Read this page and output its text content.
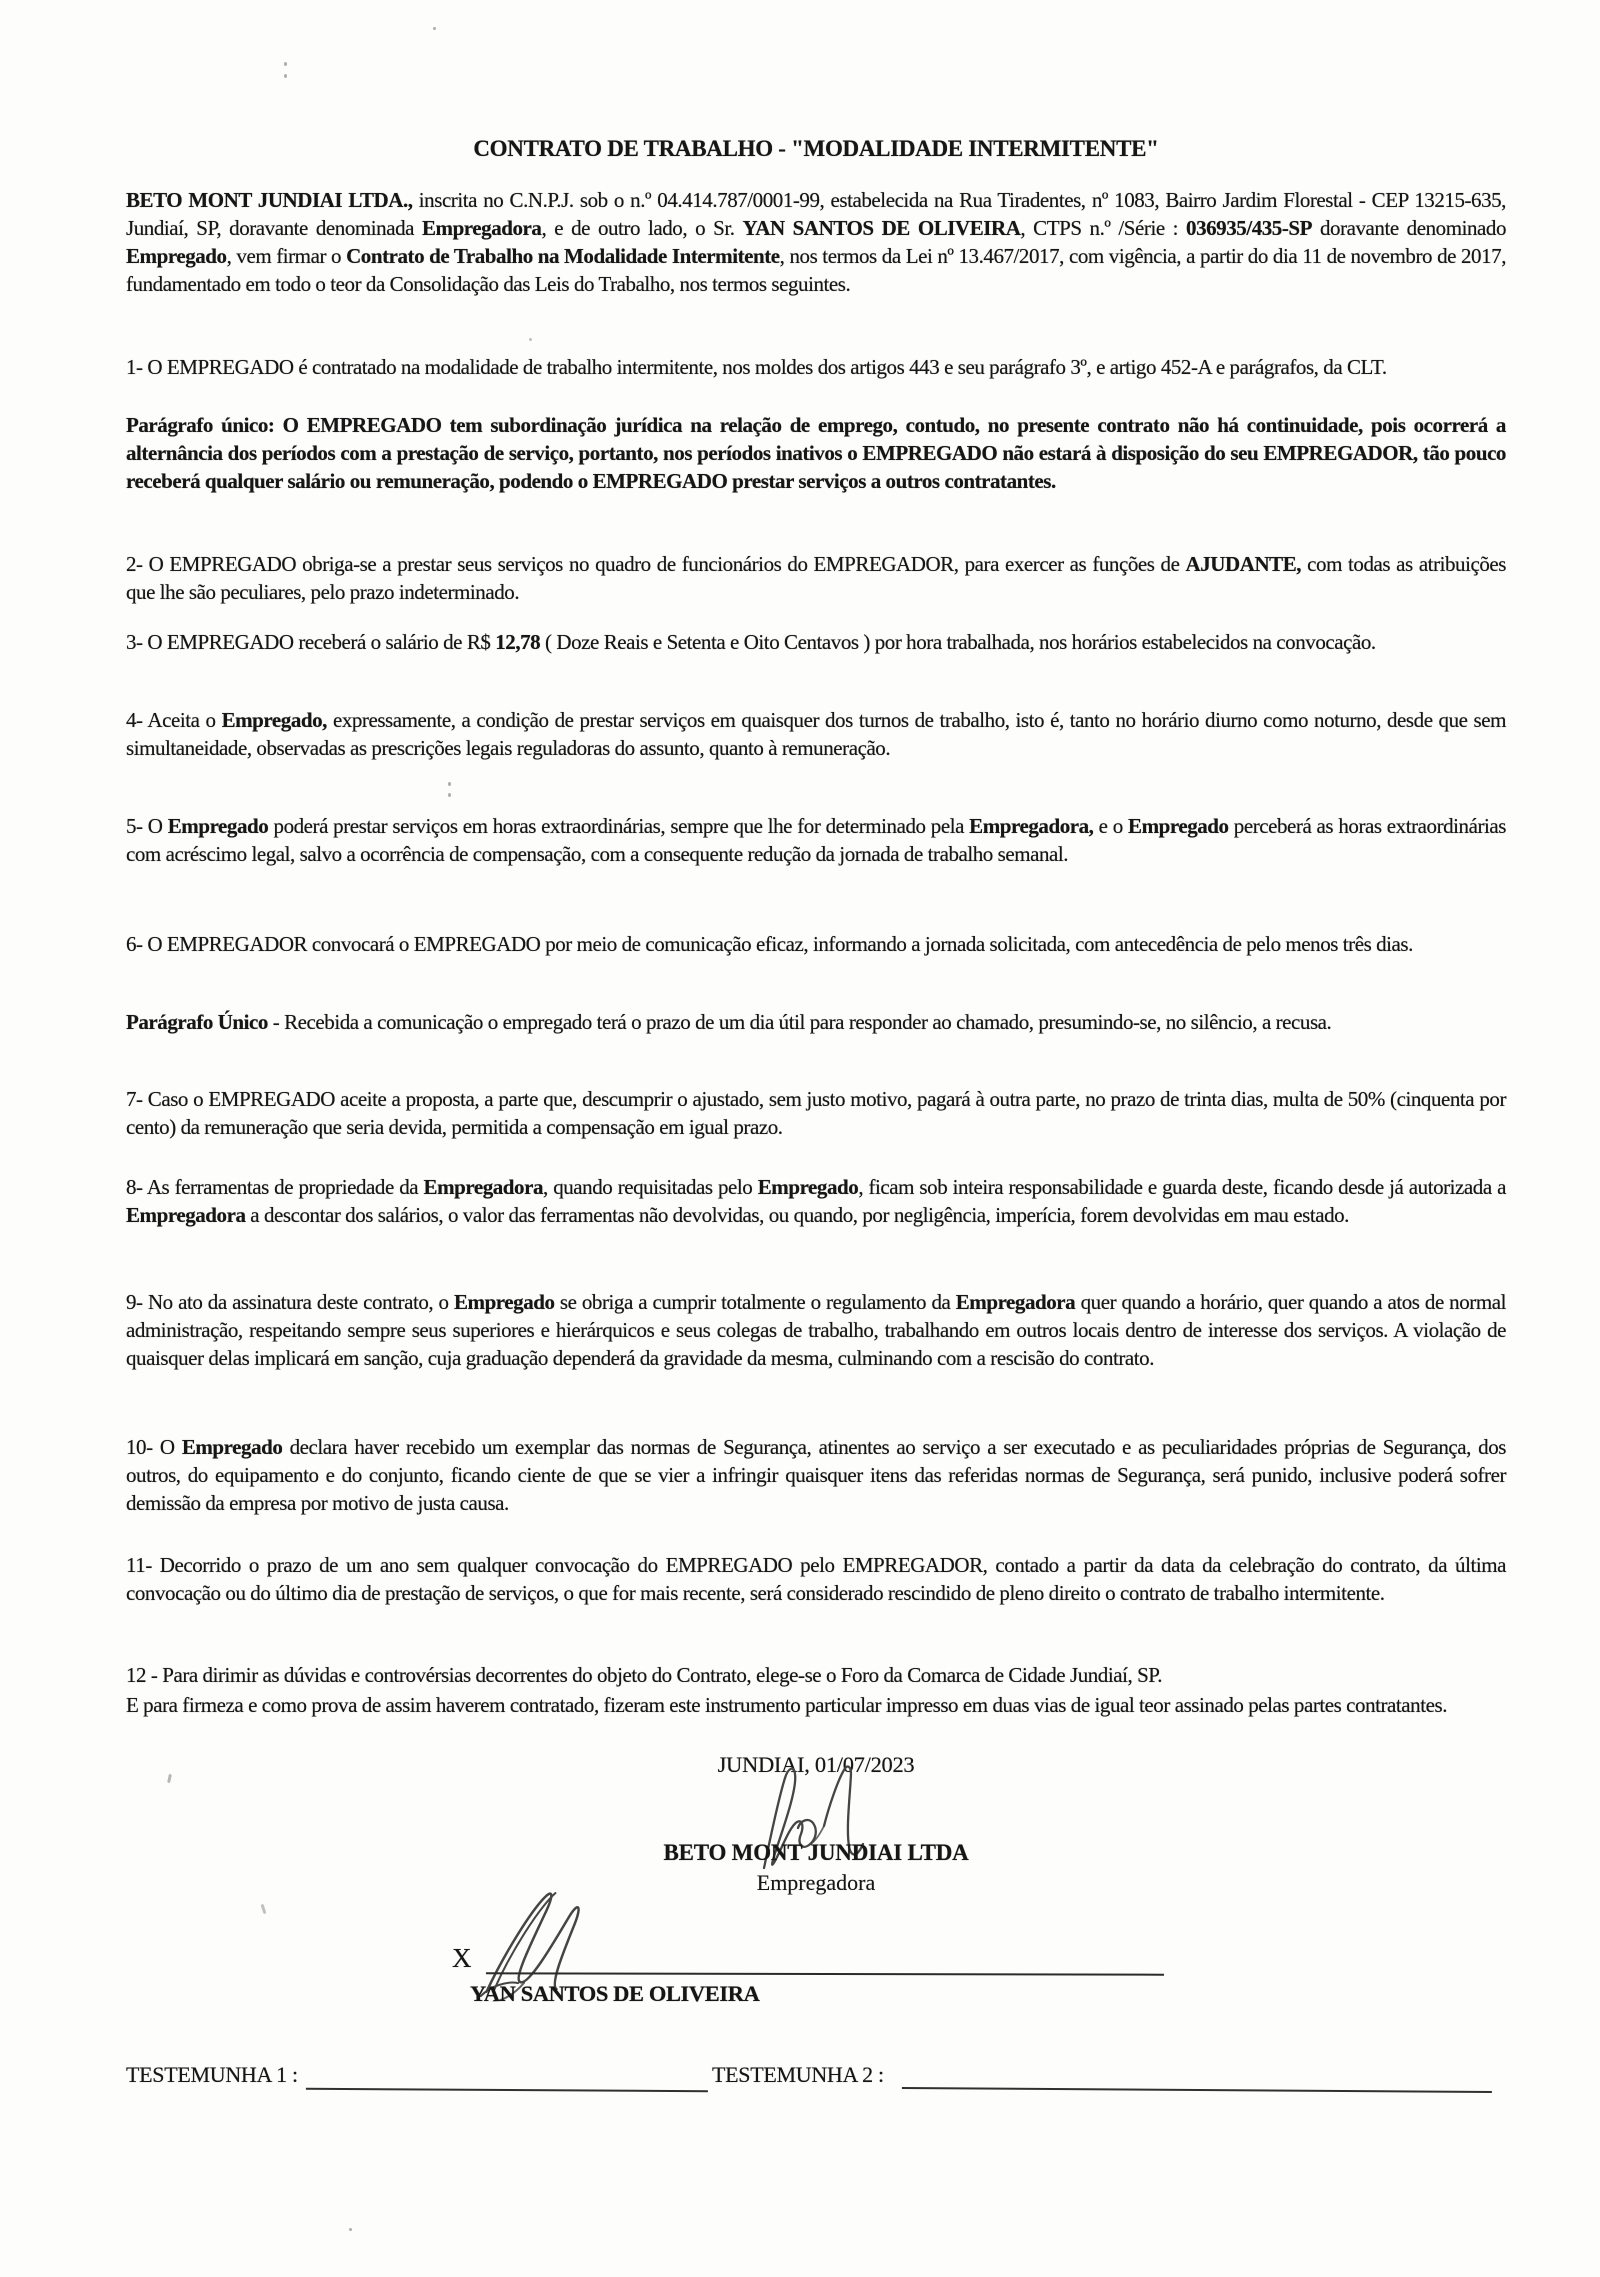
CONTRATO DE TRABALHO - "MODALIDADE INTERMITENTE"

BETO MONT JUNDIAI LTDA., inscrita no C.N.P.J. sob o n.º 04.414.787/0001-99, estabelecida na Rua Tiradentes, nº 1083, Bairro Jardim Florestal - CEP 13215-635, Jundiaí, SP, doravante denominada Empregadora, e de outro lado, o Sr. YAN SANTOS DE OLIVEIRA, CTPS n.º /Série : 036935/435-SP doravante denominado Empregado, vem firmar o Contrato de Trabalho na Modalidade Intermitente, nos termos da Lei nº 13.467/2017, com vigência, a partir do dia 11 de novembro de 2017, fundamentado em todo o teor da Consolidação das Leis do Trabalho, nos termos seguintes.

1- O EMPREGADO é contratado na modalidade de trabalho intermitente, nos moldes dos artigos 443 e seu parágrafo 3º, e artigo 452-A e parágrafos, da CLT.

Parágrafo único: O EMPREGADO tem subordinação jurídica na relação de emprego, contudo, no presente contrato não há continuidade, pois ocorrerá a alternância dos períodos com a prestação de serviço, portanto, nos períodos inativos o EMPREGADO não estará à disposição do seu EMPREGADOR, tão pouco receberá qualquer salário ou remuneração, podendo o EMPREGADO prestar serviços a outros contratantes.

2- O EMPREGADO obriga-se a prestar seus serviços no quadro de funcionários do EMPREGADOR, para exercer as funções de AJUDANTE, com todas as atribuições que lhe são peculiares, pelo prazo indeterminado.

3- O EMPREGADO receberá o salário de R$ 12,78 ( Doze Reais e Setenta e Oito Centavos ) por hora trabalhada, nos horários estabelecidos na convocação.

4- Aceita o Empregado, expressamente, a condição de prestar serviços em quaisquer dos turnos de trabalho, isto é, tanto no horário diurno como noturno, desde que sem simultaneidade, observadas as prescrições legais reguladoras do assunto, quanto à remuneração.

5- O Empregado poderá prestar serviços em horas extraordinárias, sempre que lhe for determinado pela Empregadora, e o Empregado perceberá as horas extraordinárias com acréscimo legal, salvo a ocorrência de compensação, com a consequente redução da jornada de trabalho semanal.

6- O EMPREGADOR convocará o EMPREGADO por meio de comunicação eficaz, informando a jornada solicitada, com antecedência de pelo menos três dias.

Parágrafo Único - Recebida a comunicação o empregado terá o prazo de um dia útil para responder ao chamado, presumindo-se, no silêncio, a recusa.

7- Caso o EMPREGADO aceite a proposta, a parte que, descumprir o ajustado, sem justo motivo, pagará à outra parte, no prazo de trinta dias, multa de 50% (cinquenta por cento) da remuneração que seria devida, permitida a compensação em igual prazo.

8- As ferramentas de propriedade da Empregadora, quando requisitadas pelo Empregado, ficam sob inteira responsabilidade e guarda deste, ficando desde já autorizada a Empregadora a descontar dos salários, o valor das ferramentas não devolvidas, ou quando, por negligência, imperícia, forem devolvidas em mau estado.

9- No ato da assinatura deste contrato, o Empregado se obriga a cumprir totalmente o regulamento da Empregadora quer quando a horário, quer quando a atos de normal administração, respeitando sempre seus superiores e hierárquicos e seus colegas de trabalho, trabalhando em outros locais dentro de interesse dos serviços. A violação de quaisquer delas implicará em sanção, cuja graduação dependerá da gravidade da mesma, culminando com a rescisão do contrato.

10- O Empregado declara haver recebido um exemplar das normas de Segurança, atinentes ao serviço a ser executado e as peculiaridades próprias de Segurança, dos outros, do equipamento e do conjunto, ficando ciente de que se vier a infringir quaisquer itens das referidas normas de Segurança, será punido, inclusive poderá sofrer demissão da empresa por motivo de justa causa.

11- Decorrido o prazo de um ano sem qualquer convocação do EMPREGADO pelo EMPREGADOR, contado a partir da data da celebração do contrato, da última convocação ou do último dia de prestação de serviços, o que for mais recente, será considerado rescindido de pleno direito o contrato de trabalho intermitente.

12 - Para dirimir as dúvidas e controvérsias decorrentes do objeto do Contrato, elege-se o Foro da Comarca de Cidade Jundiaí, SP.

E para firmeza e como prova de assim haverem contratado, fizeram este instrumento particular impresso em duas vias de igual teor assinado pelas partes contratantes.

JUNDIAI, 01/07/2023
BETO MONT JUNDIAI LTDA
Empregadora
X
YAN SANTOS DE OLIVEIRA
TESTEMUNHA 1 :	TESTEMUNHA 2 :
